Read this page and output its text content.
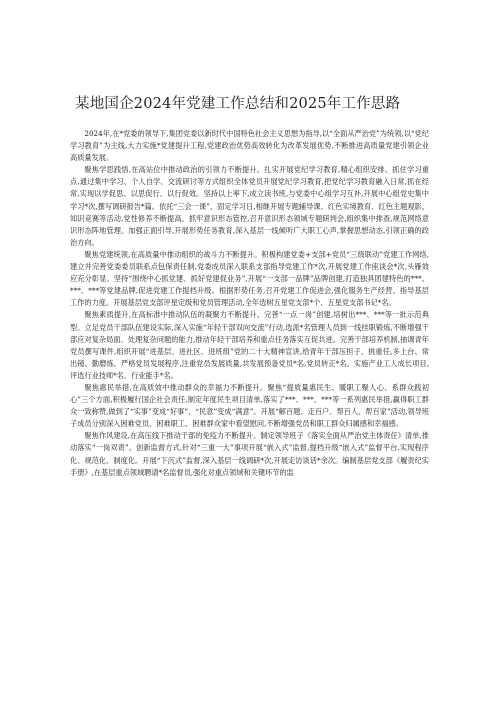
某地国企2024年党建工作总结和2025年工作思路

2024年,在*党委的领导下,集团党委以新时代中国特色社会主义思想为指导,以“全面从严治党”为统领,以“党纪学习教育”为主线,大力实施*党建提升工程,党建政治优势高效转化为改革发展优势,不断推进高质量党建引领企业高质量发展。

聚焦学思践悟,在高站位中推动政治的引领力不断提升。扎实开展党纪学习教育,精心组织安排、抓住学习重点,通过集中学习、个人自学、交流研讨等方式组织全体党员开展党纪学习教育,把党纪学习教育融入日常,抓在经常,实现以学促思、以思促行、以行促效。坚持以上率下,成立读书班,与党委中心组学习互补,开展中心组党史集中学习*次,撰写调研报告*篇。依托“三会一课”、固定学习日,相继开展专题辅导课、红色实境教育、红色主题观影、知识竞赛等活动,党性修养不断提高。抓牢意识形态管控,召开意识形态领域专题研判会,组织集中排查,规范网络意识形态阵地管理。加强正面引导,开展形势任务教育,深入基层一线倾听广大职工心声,掌握思想动态,引领正确的政治方向。

聚焦党建统领,在高质量中推动组织的战斗力不断提升。积极构建党委+支部+党员“三级联动”党建工作网络,建立并完善党委委员联系点包保责任制,党委成员深入联系支部指导党建工作*次,开展党建工作座谈会*次,头雁效应充分彰显。坚持“围绕中心抓党建、抓好党建促业务”,开展“一支部一品牌”品牌创建,打造独具团建特色的***、***、***等党建品牌,促进党建工作提档升级。根据形势任务,召开党建工作促进会,强化服务生产经营、指导基层工作的力度。开展基层党支部评星定级和党员管理活动,全年选树五星党支部*个、五星党支部书记*名。

聚焦素质提升,在高标准中推动队伍的凝聚力不断提升。完善“一点一岗”创建,培树出***、***等一批示范典型。立足党员干部队伍建设实际,深入实施“年轻干部双向交流”行动,选派*名管理人员到一线挂职锻炼,不断增强干部应对复杂局面、处理复杂问题的能力,推动年轻干部培养和重点任务落实互促共进。完善干部培养机制,抽调青年党员撰写课件,组织开展“进基层、进社区、进班组”党的二十大精神宣讲,给青年干部压担子、挑重任,多上台、常出镜、勤磨炼。严格党员发展程序,注重党员发展质量,共发展预备党员*名,党员转正*名。实施产业工人成长项目,评选行业技师*名、行业能手*名。

聚焦惠民举措,在高质效中推动群众的幸福力不断提升。聚焦“提质量惠民生、暖职工聚人心、系群众践初心”三个方面,积极履行国企社会责任,制定年度民生项目清单,落实了***、***、***等一系列惠民举措,赢得职工群众一致称赞,做到了“实事”变成“好事”、“民意”变成“满意”。开展“解百题、走百户、帮百人、帮百家”活动,领导班子成员分别深入困难党员、困难职工、困难群众家中看望慰问,不断增强党员和职工群众归属感和幸福感。

聚焦作风建设,在高压线下推动干部的免疫力不断提升。制定领导班子《落实全面从严治党主体责任》清单,推动落实“一岗双责”。创新监督方式,针对“三重一大”事项开展“嵌入式”监督,提档升级“嵌入式”监督平台,实现程序化、规范化、制度化。开展“下沉式”监督,深入基层一线调研*次,开展走访谈话*余次。编制基层党支部《履责纪实手册》,在基层重点领域聘请*名监督员,强化对重点领域和关键环节的监
